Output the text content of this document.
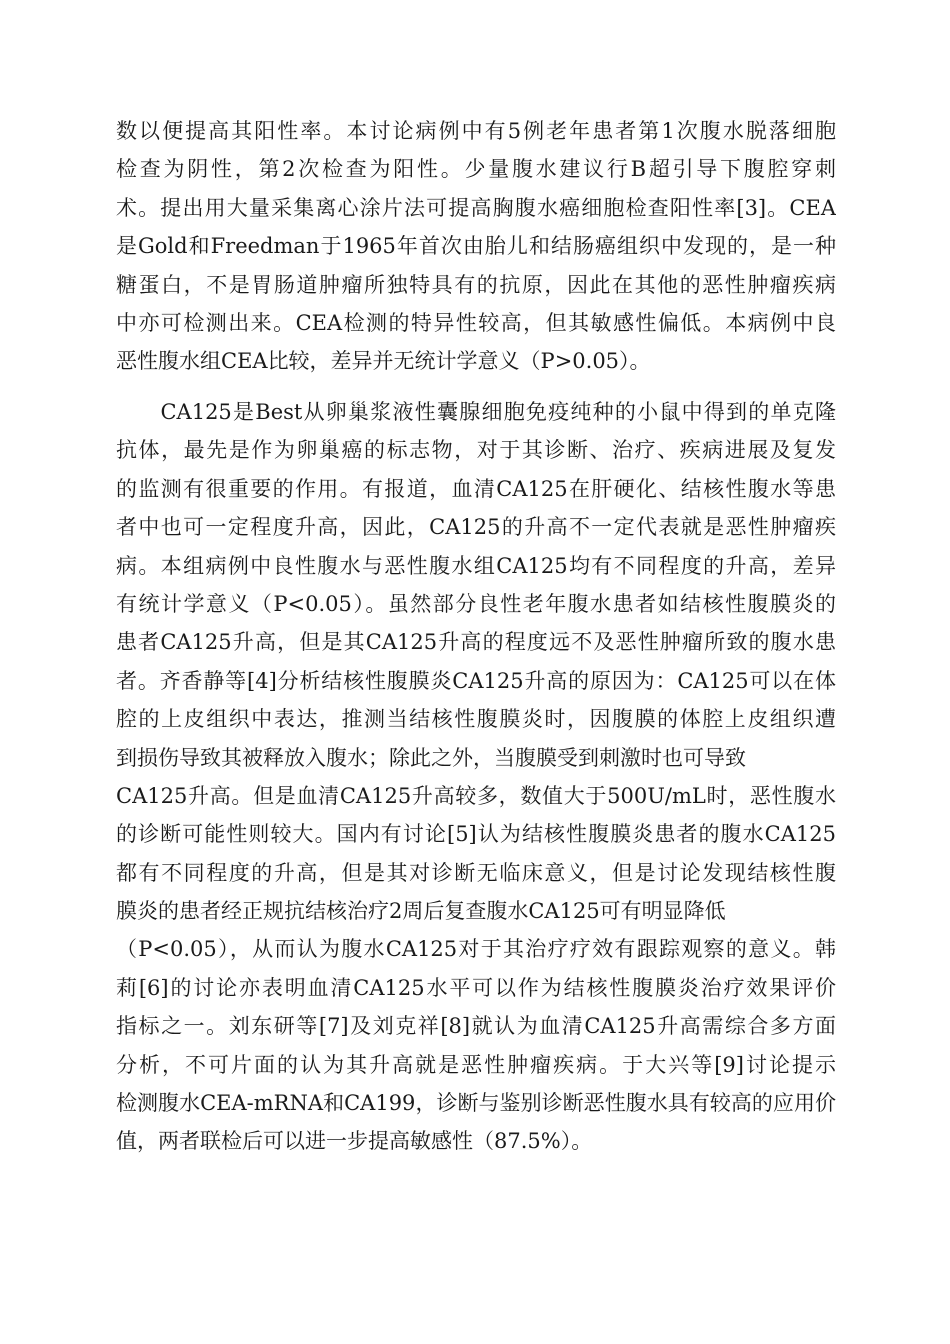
数以便提高其阳性率。本讨论病例中有5例老年患者第1次腹水脱落细胞
检查为阴性，第2次检查为阳性。少量腹水建议行B超引导下腹腔穿刺
术。提出用大量采集离心涂片法可提高胸腹水癌细胞检查阳性率[3]。CEA
是Gold和Freedman于1965年首次由胎儿和结肠癌组织中发现的，是一种
糖蛋白，不是胃肠道肿瘤所独特具有的抗原，因此在其他的恶性肿瘤疾病
中亦可检测出来。CEA检测的特异性较高，但其敏感性偏低。本病例中良
恶性腹水组CEA比较，差异并无统计学意义（P>0.05）。
　　CA125是Best从卵巢浆液性囊腺细胞免疫纯种的小鼠中得到的单克隆
抗体，最先是作为卵巢癌的标志物，对于其诊断、治疗、疾病进展及复发
的监测有很重要的作用。有报道，血清CA125在肝硬化、结核性腹水等患
者中也可一定程度升高，因此，CA125的升高不一定代表就是恶性肿瘤疾
病。本组病例中良性腹水与恶性腹水组CA125均有不同程度的升高，差异
有统计学意义（P<0.05）。虽然部分良性老年腹水患者如结核性腹膜炎的
患者CA125升高，但是其CA125升高的程度远不及恶性肿瘤所致的腹水患
者。齐香静等[4]分析结核性腹膜炎CA125升高的原因为：CA125可以在体
腔的上皮组织中表达，推测当结核性腹膜炎时，因腹膜的体腔上皮组织遭
到损伤导致其被释放入腹水；除此之外，当腹膜受到刺激时也可导致
CA125升高。但是血清CA125升高较多，数值大于500U/mL时，恶性腹水
的诊断可能性则较大。国内有讨论[5]认为结核性腹膜炎患者的腹水CA125
都有不同程度的升高，但是其对诊断无临床意义，但是讨论发现结核性腹
膜炎的患者经正规抗结核治疗2周后复查腹水CA125可有明显降低
（P<0.05），从而认为腹水CA125对于其治疗疗效有跟踪观察的意义。韩
莉[6]的讨论亦表明血清CA125水平可以作为结核性腹膜炎治疗效果评价
指标之一。刘东研等[7]及刘克祥[8]就认为血清CA125升高需综合多方面
分析，不可片面的认为其升高就是恶性肿瘤疾病。于大兴等[9]讨论提示
检测腹水CEA-mRNA和CA199，诊断与鉴别诊断恶性腹水具有较高的应用价
值，两者联检后可以进一步提高敏感性（87.5%）。
